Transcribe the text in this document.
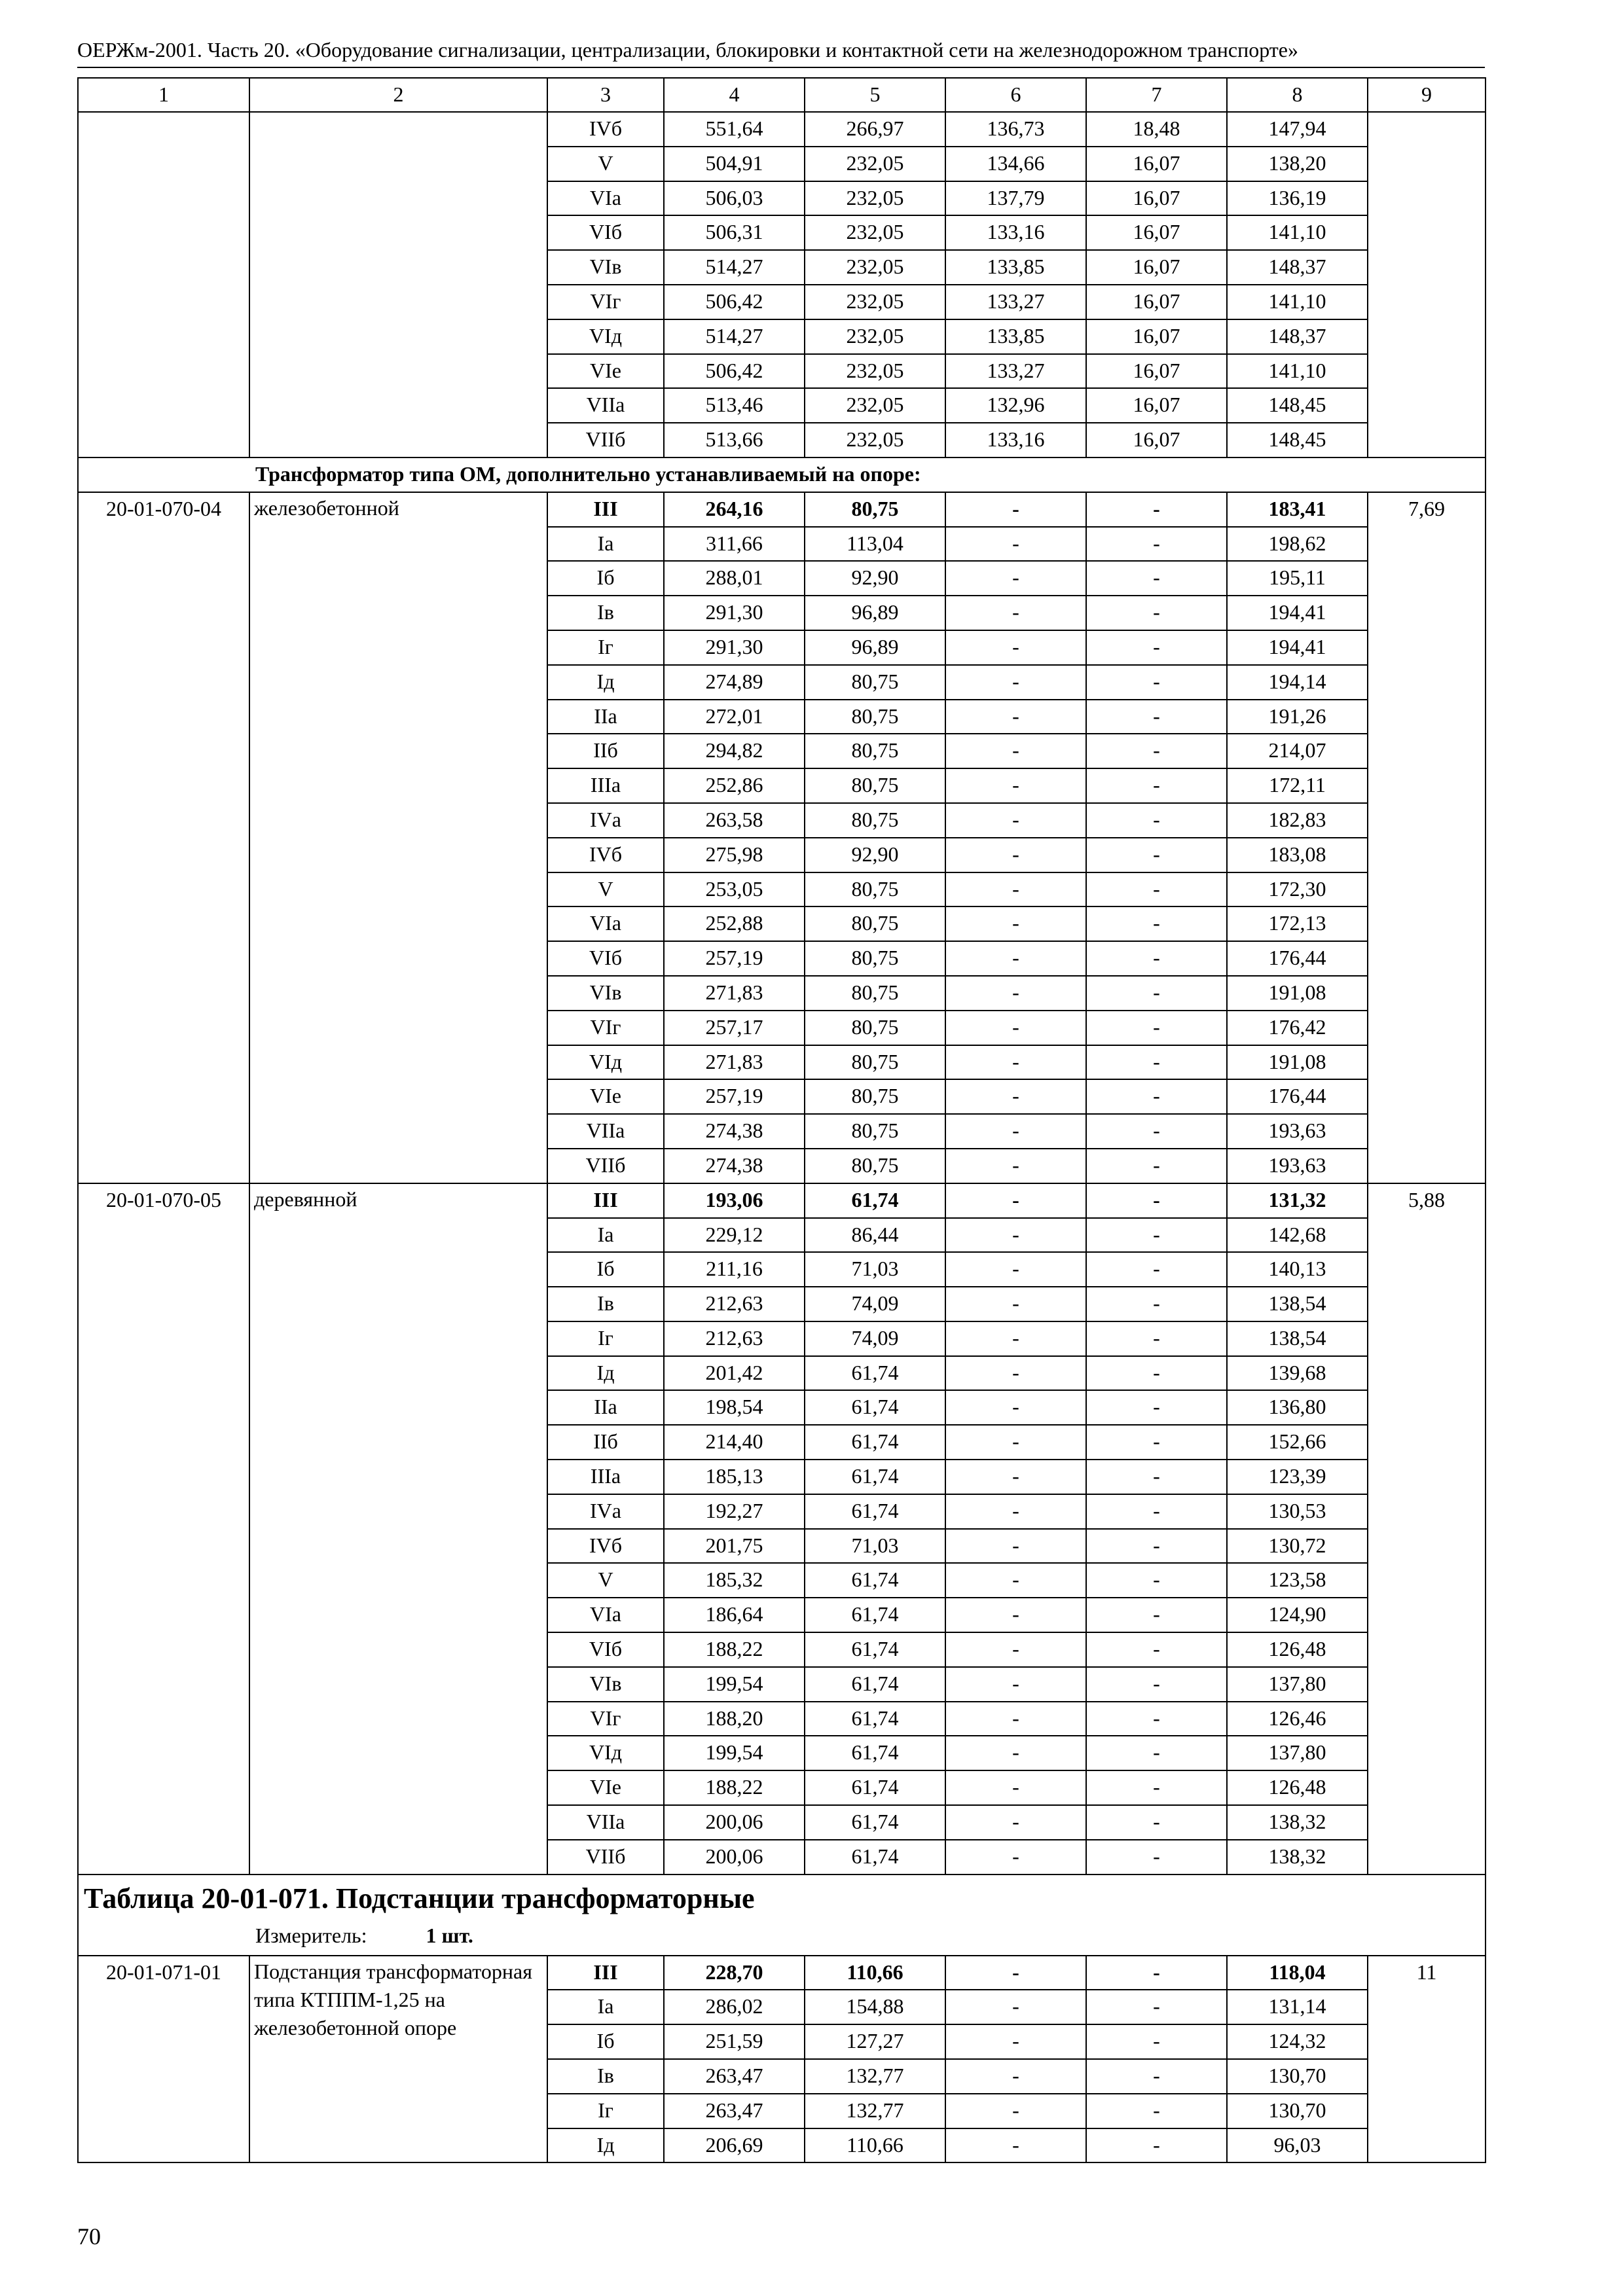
ОЕРЖм-2001. Часть 20. «Оборудование сигнализации, централизации, блокировки и контактной сети на железнодорожном транспорте»
1	2	3	4	5	6	7	8	9
		IVб	551,64	266,97	136,73	18,48	147,94	
		V	504,91	232,05	134,66	16,07	138,20	
		VIа	506,03	232,05	137,79	16,07	136,19	
		VIб	506,31	232,05	133,16	16,07	141,10	
		VIв	514,27	232,05	133,85	16,07	148,37	
		VIг	506,42	232,05	133,27	16,07	141,10	
		VIд	514,27	232,05	133,85	16,07	148,37	
		VIе	506,42	232,05	133,27	16,07	141,10	
		VIIа	513,46	232,05	132,96	16,07	148,45	
		VIIб	513,66	232,05	133,16	16,07	148,45	
Трансформатор типа ОМ, дополнительно устанавливаемый на опоре:								
20-01-070-04	железобетонной	III	264,16	80,75	-	-	183,41	7,69
		Iа	311,66	113,04	-	-	198,62	
		Iб	288,01	92,90	-	-	195,11	
		Iв	291,30	96,89	-	-	194,41	
		Iг	291,30	96,89	-	-	194,41	
		Iд	274,89	80,75	-	-	194,14	
		IIа	272,01	80,75	-	-	191,26	
		IIб	294,82	80,75	-	-	214,07	
		IIIа	252,86	80,75	-	-	172,11	
		IVа	263,58	80,75	-	-	182,83	
		IVб	275,98	92,90	-	-	183,08	
		V	253,05	80,75	-	-	172,30	
		VIа	252,88	80,75	-	-	172,13	
		VIб	257,19	80,75	-	-	176,44	
		VIв	271,83	80,75	-	-	191,08	
		VIг	257,17	80,75	-	-	176,42	
		VIд	271,83	80,75	-	-	191,08	
		VIе	257,19	80,75	-	-	176,44	
		VIIа	274,38	80,75	-	-	193,63	
		VIIб	274,38	80,75	-	-	193,63	
20-01-070-05	деревянной	III	193,06	61,74	-	-	131,32	5,88
		Iа	229,12	86,44	-	-	142,68	
		Iб	211,16	71,03	-	-	140,13	
		Iв	212,63	74,09	-	-	138,54	
		Iг	212,63	74,09	-	-	138,54	
		Iд	201,42	61,74	-	-	139,68	
		IIа	198,54	61,74	-	-	136,80	
		IIб	214,40	61,74	-	-	152,66	
		IIIа	185,13	61,74	-	-	123,39	
		IVа	192,27	61,74	-	-	130,53	
		IVб	201,75	71,03	-	-	130,72	
		V	185,32	61,74	-	-	123,58	
		VIа	186,64	61,74	-	-	124,90	
		VIб	188,22	61,74	-	-	126,48	
		VIв	199,54	61,74	-	-	137,80	
		VIг	188,20	61,74	-	-	126,46	
		VIд	199,54	61,74	-	-	137,80	
		VIе	188,22	61,74	-	-	126,48	
		VIIа	200,06	61,74	-	-	138,32	
		VIIб	200,06	61,74	-	-	138,32	

Таблица 20-01-071. Подстанции трансформаторные
Измеритель: 1 шт.								

20-01-071-01	Подстанция трансформаторная типа КТППМ-1,25 на железобетонной опоре	III	228,70	110,66	-	-	118,04	11
		Iа	286,02	154,88	-	-	131,14	
		Iб	251,59	127,27	-	-	124,32	
		Iв	263,47	132,77	-	-	130,70	
		Iг	263,47	132,77	-	-	130,70	
		Iд	206,69	110,66	-	-	96,03	
70
